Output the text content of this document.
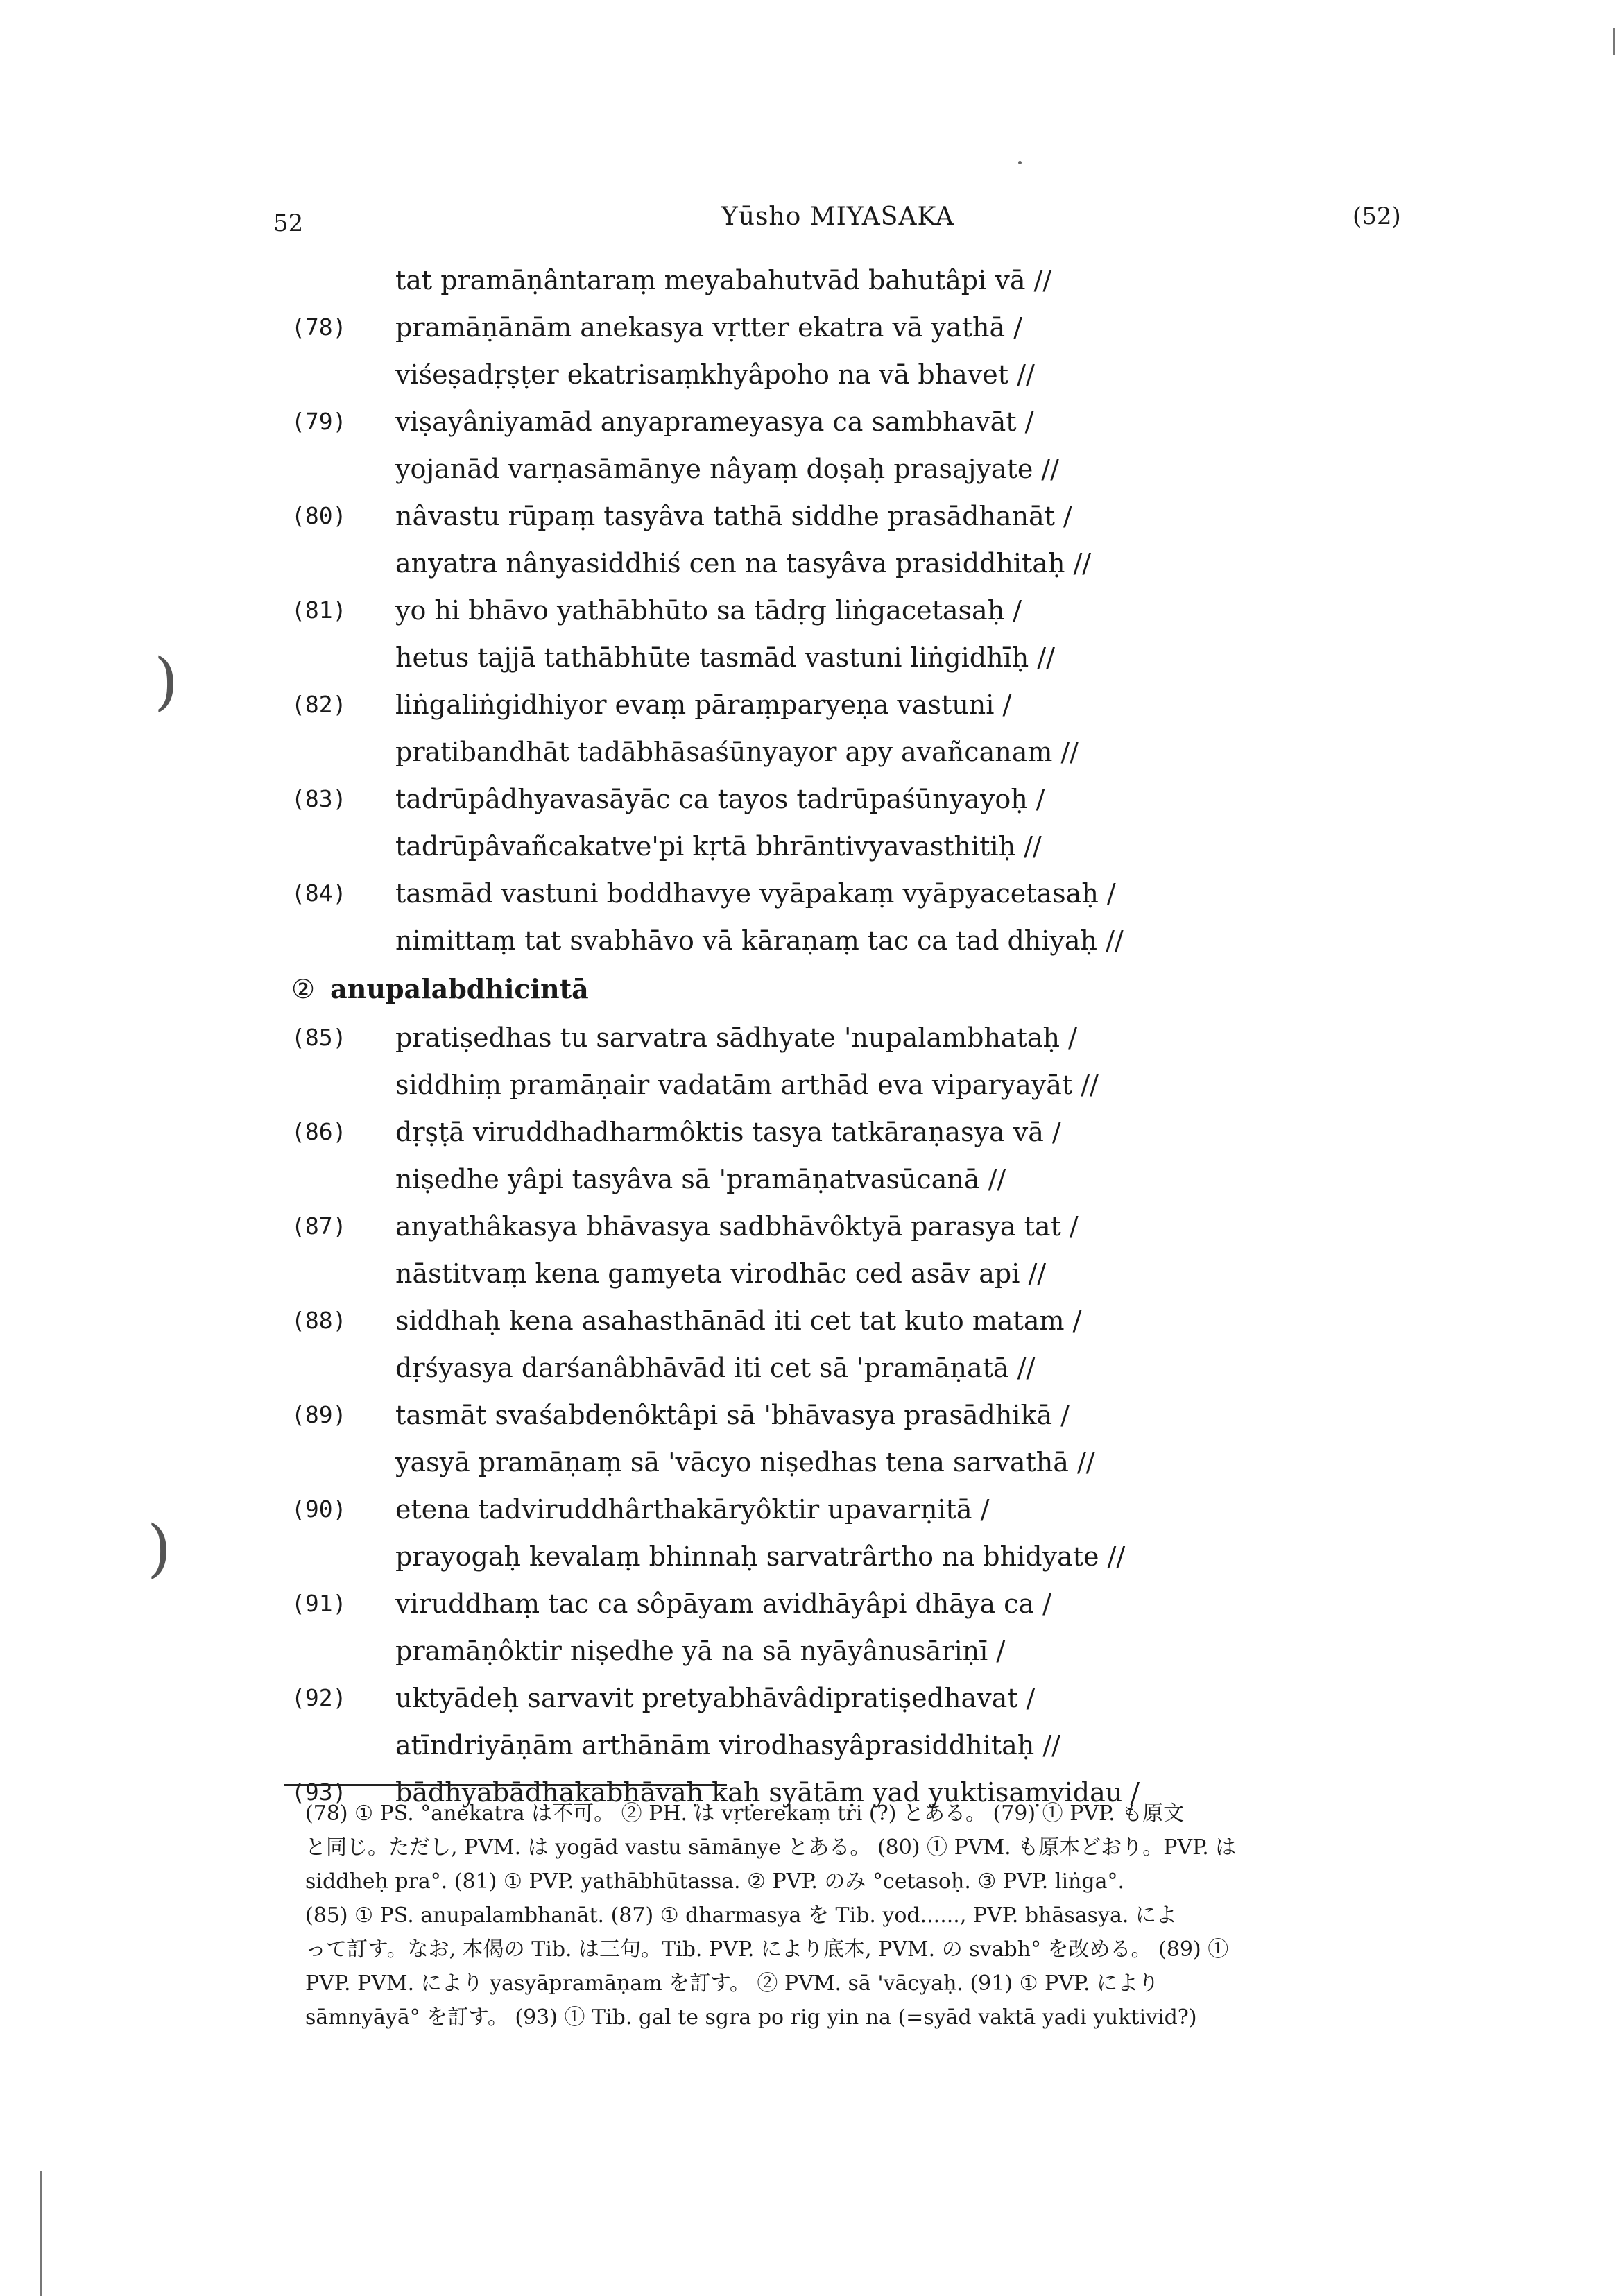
52	Yūsho MIYASAKA	(52)
tat pramāṇântaraṃ meyabahutvād bahutâpi vā //
(78) pramāṇānām anekasya vṛtter ekatra vā yathā /
viśeṣadṛṣṭer ekatrisaṃkhyâpoho na vā bhavet //
(79) viṣayâniyamād anyaprameyasya ca sambhavāt /
yojanād varṇasāmānye nâyaṃ doṣaḥ prasajyate //
(80) nâvastu rūpaṃ tasyâva tathā siddhe prasādhanāt /
anyatra nânyasiddhiś cen na tasyâva prasiddhitaḥ //
(81) yo hi bhāvo yathābhūto sa tādṛg liṅgacetasaḥ /
hetus tajjā tathābhūte tasmād vastuni liṅgidhīḥ //
(82) liṅgaliṅgidhiyor evaṃ pāraṃparyeṇa vastuni /
pratibandhāt tadābhāsaśūnyayor apy avañcanam //
(83) tadrūpâdhyavasāyāc ca tayos tadrūpaśūnyayoḥ /
tadrūpâvañcakatve'pi kṛtā bhrāntivyavasthitiḥ //
(84) tasmād vastuni boddhavye vyāpakaṃ vyāpyacetasaḥ /
nimittaṃ tat svabhāvo vā kāraṇaṃ tac ca tad dhiyaḥ //
② anupalabdhicintā
(85) pratiṣedhas tu sarvatra sādhyate 'nupalambhataḥ /
siddhiṃ pramāṇair vadatām arthād eva viparyayāt //
(86) dṛṣṭā viruddhadharmôktis tasya tatkāraṇasya vā /
niṣedhe yâpi tasyâva sā 'pramāṇatvasūcanā //
(87) anyathâkasya bhāvasya sadbhāvôktyā parasya tat /
nāstitvaṃ kena gamyeta virodhāc ced asāv api //
(88) siddhaḥ kena asahasthānād iti cet tat kuto matam /
dṛśyasya darśanâbhāvād iti cet sā 'pramāṇatā //
(89) tasmāt svaśabdenôktâpi sā 'bhāvasya prasādhikā /
yasyā pramāṇaṃ sā 'vācyo niṣedhas tena sarvathā //
(90) etena tadviruddhârthakāryôktir upavarṇitā /
prayogaḥ kevalaṃ bhinnaḥ sarvatrârtho na bhidyate //
(91) viruddhaṃ tac ca sôpāyam avidhāyâpi dhāya ca /
pramāṇôktir niṣedhe yā na sā nyāyânusāriṇī /
(92) uktyādeḥ sarvavit pretyabhāvâdipratiṣedhavat /
atīndriyāṇām arthānām virodhasyâprasiddhitaḥ //
(93) bādhyabādhakabhāvaḥ kaḥ syātāṃ yad yuktisaṃvidau /
(78) ① PS. °anekatra は不可。 ② PH. は vṛterekaṃ tri (?) とある。 (79) ① PVP. も原文
と同じ。ただし, PVM. は yogād vastu sāmānye とある。 (80) ① PVM. も原本どおり。PVP. は
siddheḥ pra°. (81) ① PVP. yathābhūtassa. ② PVP. のみ °cetasoḥ. ③ PVP. liṅga°.
(85) ① PS. anupalambhanāt. (87) ① dharmasya を Tib. yod......, PVP. bhāsasya. によ
って訂す。なお, 本偈の Tib. は三句。Tib. PVP. により底本, PVM. の svabh° を改める。 (89) ①
PVP. PVM. により yasyāpramāṇam を訂す。 ② PVM. sā 'vācyaḥ. (91) ① PVP. により
sāmnyāyā° を訂す。 (93) ① Tib. gal te sgra po rig yin na (=syād vaktā yadi yuktivid?)
)
)
